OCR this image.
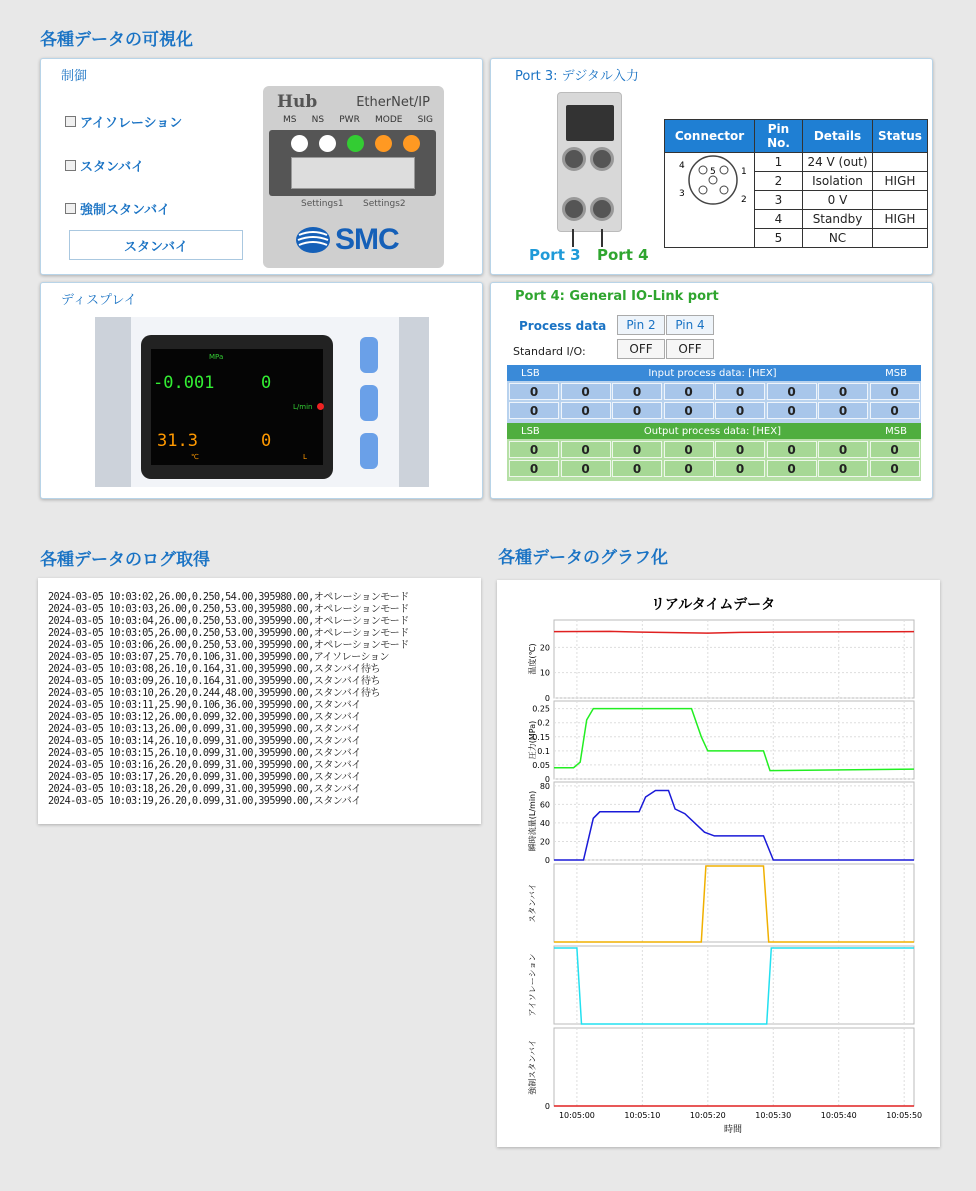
各種データの可視化
各種データのログ取得	各種データのグラフ化
制御
アイソレーション
スタンバイ
強制スタンバイ
スタンバイ
Hub	EtherNet/IP
MS NS PWR MODE SIG
Settings1 Settings2
SMC
Port 3: デジタル入力
Port 3 Port 4
Connector	Pin No.	Details	Status
	1	24 V (out)	
	2	Isolation	HIGH
	3	0 V	
	4	Standby	HIGH
	5	NC	
4
5	1
3
2
ディスプレイ
MPa
-0.001	0
L/min
31.3	0
℃	L
Port 4: General IO-Link port
Process data	Pin 2	Pin 4
Standard I/O:	OFF	OFF
LSB	Input process data: [HEX]	MSB
0	0	0	0	0	0	0	0
0	0	0	0	0	0	0	0
LSB	Output process data: [HEX]	MSB
0	0	0	0	0	0	0	0
0	0	0	0	0	0	0	0
2024-03-05 10:03:02,26.00,0.250,54.00,395980.00,オペレーションモード
2024-03-05 10:03:03,26.00,0.250,53.00,395980.00,オペレーションモード
2024-03-05 10:03:04,26.00,0.250,53.00,395990.00,オペレーションモード
2024-03-05 10:03:05,26.00,0.250,53.00,395990.00,オペレーションモード
2024-03-05 10:03:06,26.00,0.250,53.00,395990.00,オペレーションモード
2024-03-05 10:03:07,25.70,0.106,31.00,395990.00,アイソレーション
2024-03-05 10:03:08,26.10,0.164,31.00,395990.00,スタンバイ待ち
2024-03-05 10:03:09,26.10,0.164,31.00,395990.00,スタンバイ待ち
2024-03-05 10:03:10,26.20,0.244,48.00,395990.00,スタンバイ待ち
2024-03-05 10:03:11,25.90,0.106,36.00,395990.00,スタンバイ
2024-03-05 10:03:12,26.00,0.099,32.00,395990.00,スタンバイ
2024-03-05 10:03:13,26.00,0.099,31.00,395990.00,スタンバイ
2024-03-05 10:03:14,26.10,0.099,31.00,395990.00,スタンバイ
2024-03-05 10:03:15,26.10,0.099,31.00,395990.00,スタンバイ
2024-03-05 10:03:16,26.20,0.099,31.00,395990.00,スタンバイ
2024-03-05 10:03:17,26.20,0.099,31.00,395990.00,スタンバイ
2024-03-05 10:03:18,26.20,0.099,31.00,395990.00,スタンバイ
2024-03-05 10:03:19,26.20,0.099,31.00,395990.00,スタンバイ
リアルタイムデータ
時間
0
10
20
温度(℃)
0
0.05
0.1
0.15
0.2
0.25
圧力(MPa)
0
20
40
60
80
瞬時流量(L/min)
スタンバイ
アイソレーション
0
強制スタンバイ
10:05:00	10:05:10	10:05:20	10:05:30	10:05:40	10:05:50
